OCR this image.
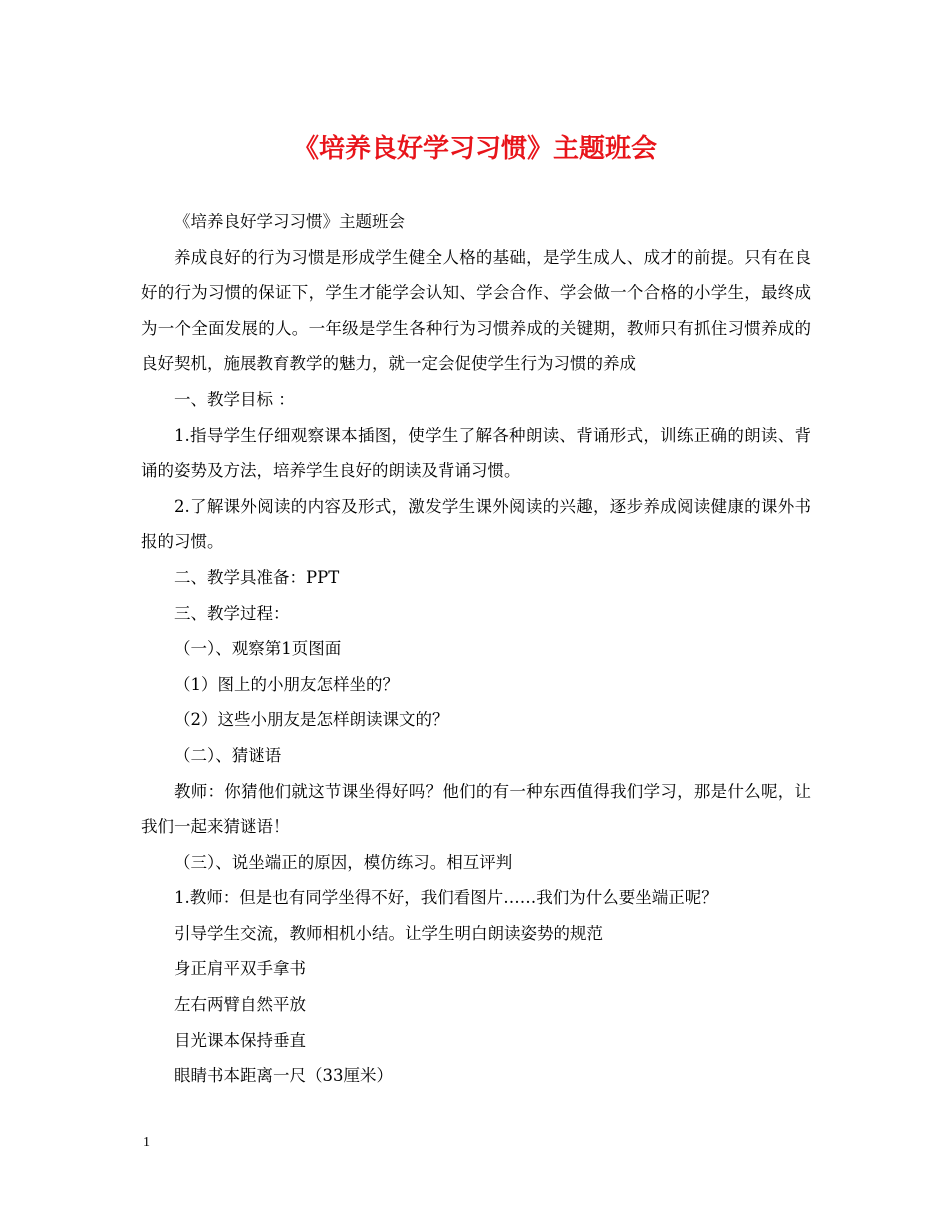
《培养良好学习习惯》主题班会

《培养良好学习习惯》主题班会

养成良好的行为习惯是形成学生健全人格的基础，是学生成人、成才的前提。只有在良好的行为习惯的保证下，学生才能学会认知、学会合作、学会做一个合格的小学生，最终成为一个全面发展的人。一年级是学生各种行为习惯养成的关键期，教师只有抓住习惯养成的良好契机，施展教育教学的魅力，就一定会促使学生行为习惯的养成

一、教学目标 ：

1.指导学生仔细观察课本插图，使学生了解各种朗读、背诵形式，训练正确的朗读、背诵的姿势及方法，培养学生良好的朗读及背诵习惯。

2.了解课外阅读的内容及形式，激发学生课外阅读的兴趣，逐步养成阅读健康的课外书报的习惯。

二、教学具准备：PPT

三、教学过程：

（一）、观察第1页图面

（1）图上的小朋友怎样坐的？

（2）这些小朋友是怎样朗读课文的？

（二）、猜谜语

教师：你猜他们就这节课坐得好吗？他们的有一种东西值得我们学习，那是什么呢，让我们一起来猜谜语！

（三）、说坐端正的原因，模仿练习。相互评判

1.教师：但是也有同学坐得不好，我们看图片……我们为什么要坐端正呢？

引导学生交流，教师相机小结。让学生明白朗读姿势的规范

身正肩平双手拿书

左右两臂自然平放

目光课本保持垂直

眼睛书本距离一尺（33厘米）

1
